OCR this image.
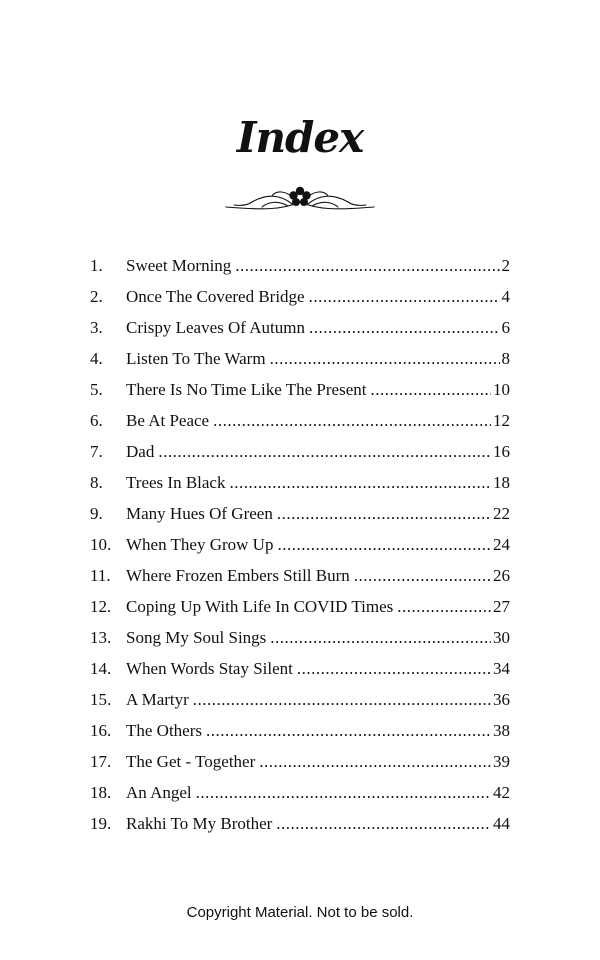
Index
1.	Sweet Morning .....	2
2.	Once The Covered Bridge .....	4
3.	Crispy Leaves Of Autumn .....	6
4.	Listen To The Warm .....	8
5.	There Is No Time Like The Present .....	10
6.	Be At Peace .....	12
7.	Dad .....	16
8.	Trees In Black .....	18
9.	Many Hues Of Green .....	22
10. When They Grow Up .....	24
11. Where Frozen Embers Still Burn .....	26
12. Coping Up With Life In COVID Times .....	27
13. Song My Soul Sings .....	30
14. When Words Stay Silent .....	34
15. A Martyr .....	36
16. The Others .....	38
17. The Get - Together .....	39
18. An Angel .....	42
19. Rakhi To My Brother .....	44
Copyright Material. Not to be sold.
